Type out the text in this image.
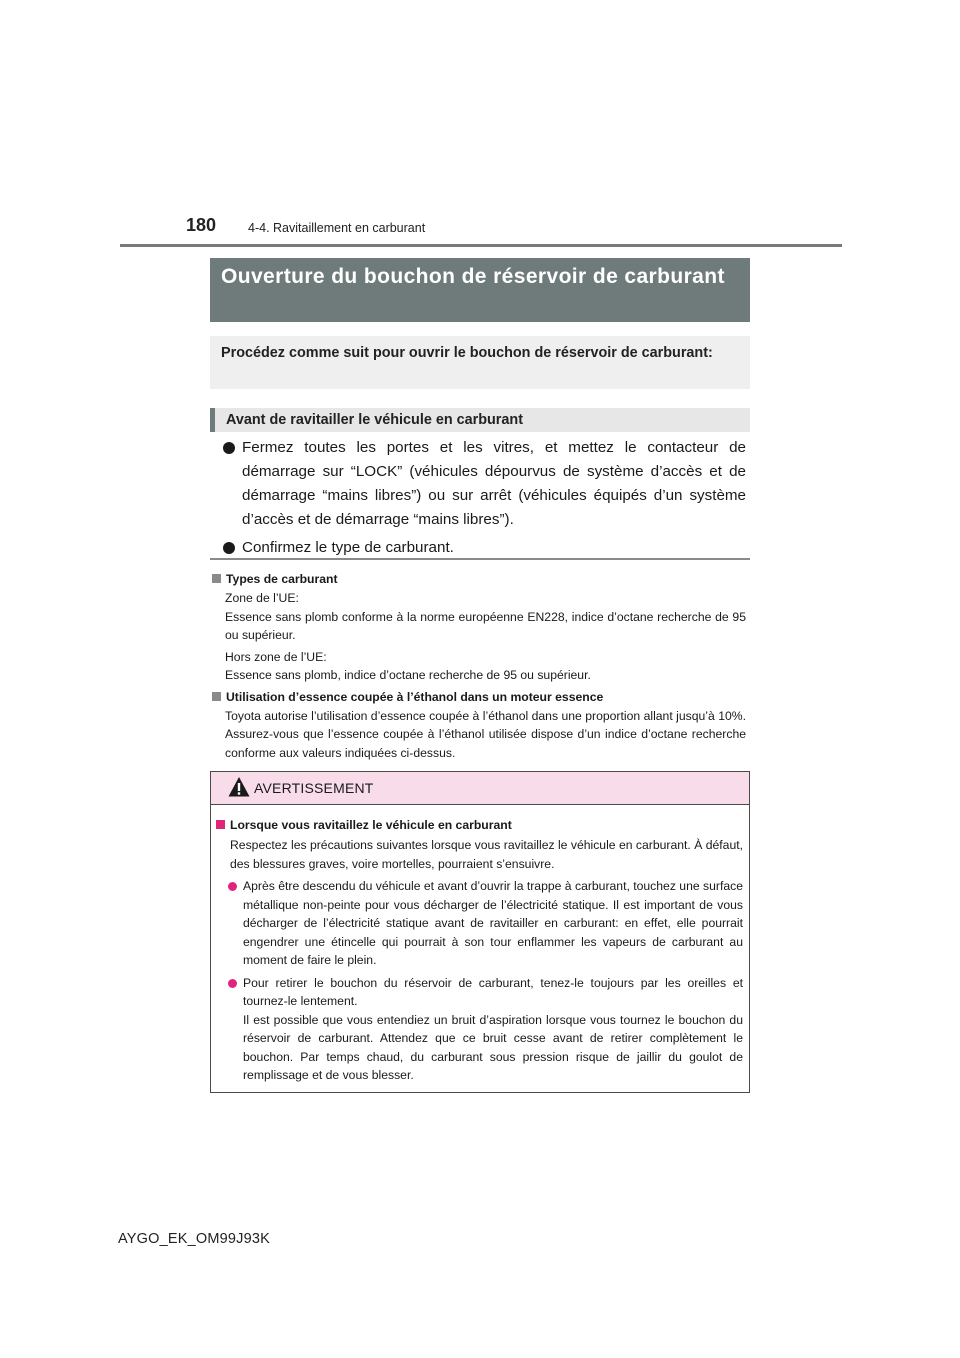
180	4-4. Ravitaillement en carburant
Ouverture du bouchon de réservoir de carburant
Procédez comme suit pour ouvrir le bouchon de réservoir de carburant:
Avant de ravitailler le véhicule en carburant
Fermez toutes les portes et les vitres, et mettez le contacteur de démarrage sur “LOCK” (véhicules dépourvus de système d’accès et de démarrage “mains libres”) ou sur arrêt (véhicules équipés d’un système d’accès et de démarrage “mains libres”).
Confirmez le type de carburant.
Types de carburant
Zone de l’UE:
Essence sans plomb conforme à la norme européenne EN228, indice d’octane recherche de 95 ou supérieur.
Hors zone de l’UE:
Essence sans plomb, indice d’octane recherche de 95 ou supérieur.
Utilisation d’essence coupée à l’éthanol dans un moteur essence
Toyota autorise l’utilisation d’essence coupée à l’éthanol dans une proportion allant jusqu’à 10%. Assurez-vous que l’essence coupée à l’éthanol utilisée dispose d’un indice d’octane recherche conforme aux valeurs indiquées ci-dessus.
AVERTISSEMENT
Lorsque vous ravitaillez le véhicule en carburant
Respectez les précautions suivantes lorsque vous ravitaillez le véhicule en carburant. À défaut, des blessures graves, voire mortelles, pourraient s’ensuivre.
Après être descendu du véhicule et avant d’ouvrir la trappe à carburant, touchez une surface métallique non-peinte pour vous décharger de l’électricité statique. Il est important de vous décharger de l’électricité statique avant de ravitailler en carburant: en effet, elle pourrait engendrer une étincelle qui pourrait à son tour enflammer les vapeurs de carburant au moment de faire le plein.
Pour retirer le bouchon du réservoir de carburant, tenez-le toujours par les oreilles et tournez-le lentement.
Il est possible que vous entendiez un bruit d’aspiration lorsque vous tournez le bouchon du réservoir de carburant. Attendez que ce bruit cesse avant de retirer complètement le bouchon. Par temps chaud, du carburant sous pression risque de jaillir du goulot de remplissage et de vous blesser.
AYGO_EK_OM99J93K
